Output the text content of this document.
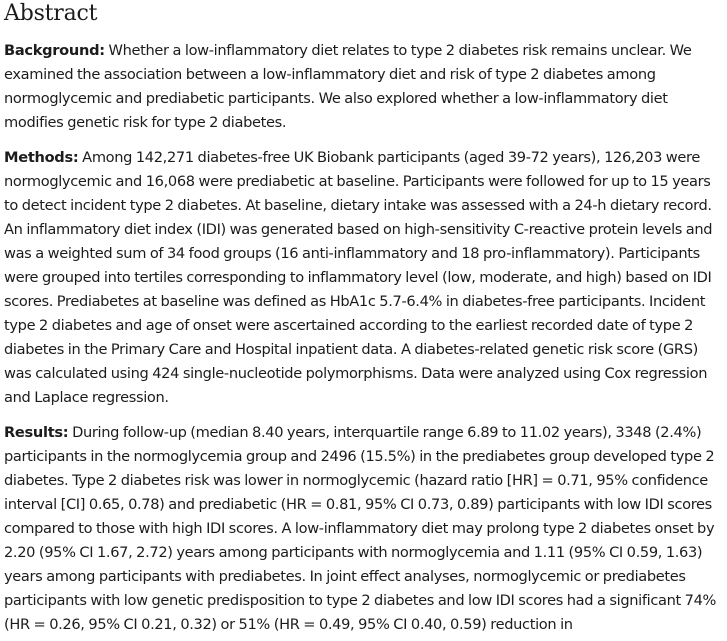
Abstract

Background: Whether a low-inflammatory diet relates to type 2 diabetes risk remains unclear. We examined the association between a low-inflammatory diet and risk of type 2 diabetes among normoglycemic and prediabetic participants. We also explored whether a low-inflammatory diet modifies genetic risk for type 2 diabetes.

Methods: Among 142,271 diabetes-free UK Biobank participants (aged 39-72 years), 126,203 were normoglycemic and 16,068 were prediabetic at baseline. Participants were followed for up to 15 years to detect incident type 2 diabetes. At baseline, dietary intake was assessed with a 24-h dietary record. An inflammatory diet index (IDI) was generated based on high-sensitivity C-reactive protein levels and was a weighted sum of 34 food groups (16 anti-inflammatory and 18 pro-inflammatory). Participants were grouped into tertiles corresponding to inflammatory level (low, moderate, and high) based on IDI scores. Prediabetes at baseline was defined as HbA1c 5.7-6.4% in diabetes-free participants. Incident type 2 diabetes and age of onset were ascertained according to the earliest recorded date of type 2 diabetes in the Primary Care and Hospital inpatient data. A diabetes-related genetic risk score (GRS) was calculated using 424 single-nucleotide polymorphisms. Data were analyzed using Cox regression and Laplace regression.

Results: During follow-up (median 8.40 years, interquartile range 6.89 to 11.02 years), 3348 (2.4%) participants in the normoglycemia group and 2496 (15.5%) in the prediabetes group developed type 2 diabetes. Type 2 diabetes risk was lower in normoglycemic (hazard ratio [HR] = 0.71, 95% confidence interval [CI] 0.65, 0.78) and prediabetic (HR = 0.81, 95% CI 0.73, 0.89) participants with low IDI scores compared to those with high IDI scores. A low-inflammatory diet may prolong type 2 diabetes onset by 2.20 (95% CI 1.67, 2.72) years among participants with normoglycemia and 1.11 (95% CI 0.59, 1.63) years among participants with prediabetes. In joint effect analyses, normoglycemic or prediabetes participants with low genetic predisposition to type 2 diabetes and low IDI scores had a significant 74% (HR = 0.26, 95% CI 0.21, 0.32) or 51% (HR = 0.49, 95% CI 0.40, 0.59) reduction in
